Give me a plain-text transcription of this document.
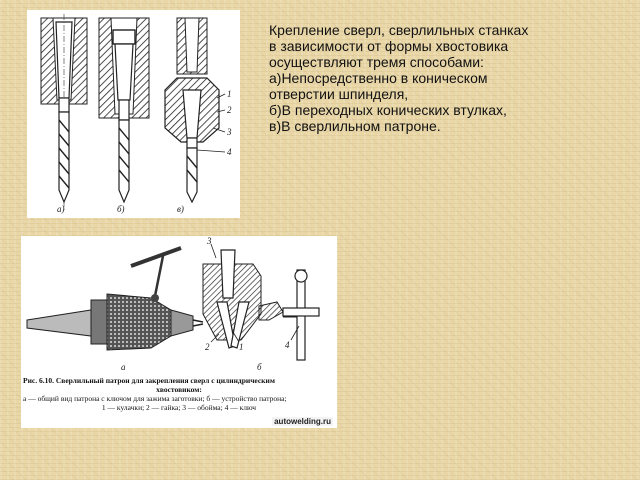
Крепление сверл, сверлильных станках
в зависимости от формы хвостовика
осуществляют тремя способами:
а)Непосредственно в коническом
отверстии шпинделя,
б)В переходных конических втулках,
в)В сверлильном патроне.
1
2
3
4
а)	б)	в)
3
2	1	4
а	б
Рис. 6.10. Сверлильный патрон для закрепления сверл с цилиндрическим
хвостовиком:
а — общий вид патрона с ключом для зажима заготовки; б — устройство патрона;
1 — кулачки; 2 — гайка; 3 — обойма; 4 — ключ
autowelding.ru
